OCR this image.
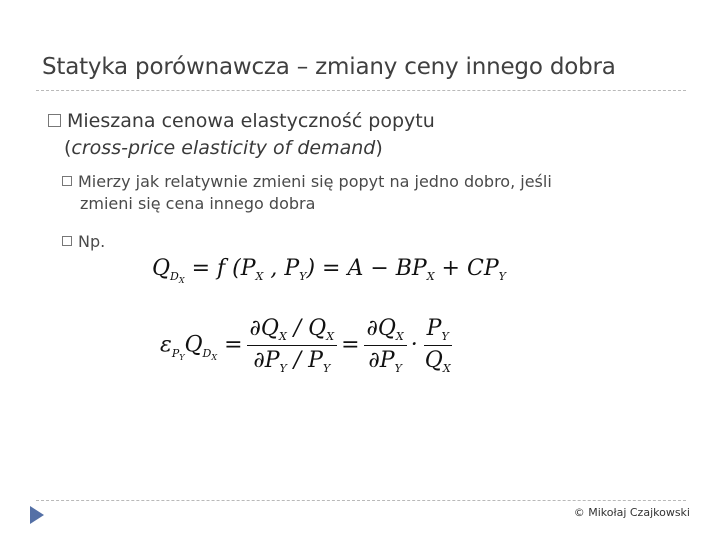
Statyka porównawcza – zmiany ceny innego dobra
Mieszana cenowa elastyczność popytu
(cross-price elasticity of demand)
Mierzy jak relatywnie zmieni się popyt na jedno dobro, jeśli
zmieni się cena innego dobra
Np.
$Q_{D_X} = f$ ($P_X$ , $P_Y) = A - BP_X + CP_Y$
$\varepsilon_{P_Y}Q_{D_X} = \frac{\partial Q_X / Q_X}{\partial P_Y / P_Y} = \frac{\partial Q_X}{\partial P_Y} \cdot \frac{P_Y}{Q_X}$
© Mikołaj Czajkowski
